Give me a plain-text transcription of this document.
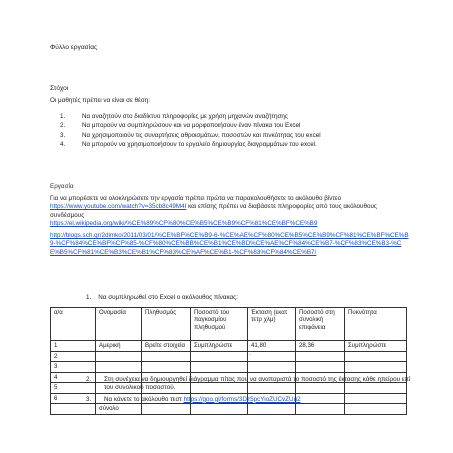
Φύλλο εργασίας
Στόχοι
Οι μαθητές πρέπει να είναι σε θέση:
1.	Να αναζητούν στο διαδίκτυο πληροφορίες με χρήση μηχανών αναζήτησης
2.	Να μπορούν να συμπληρώσουν και να μορφοποιήσουν έναν πίνακα του Excel
3.	Να χρησιμοποιούν τις συναρτήσεις αθροισμάτων, ποσοστών και πινκότητας του excel
4.	Να μπορούν να χρησιμοποιήσουν το εργαλείο δημιουργίας διαγραμμάτων του excel.
Εργασία
Για να μπορέσετε να ολοκληρώσετε την εργασία πρέπει πρώτα να παρακολουθήσετε το ακόλουθο βίντεο https://www.youtube.com/watch?v=35cb8c49M4I και επίσης πρέπει να διαβάσετε πληροφορίες από τους ακόλουθους συνδέσμους
https://el.wikipedia.org/wiki/%CE%89%CF%80%CE%B5%CE%B9%CF%81%CE%BF%CE%B9
http://blogs.sch.gr/2dimko/2011/03/01/%CE%BF%CE%B9-6-%CE%AE%CF%80%CE%B5%CE%B9%CF%81%CE%BF%CE%B9-%CF%84%CE%BF%CF%85-%CF%80%CE%BB%CE%B1%CE%BD%CE%AE%CF%84%CE%B7-%CF%83%CE%B3-%CE%B5%CF%81%CE%B3%CE%B1%CF%83%CE%AF%CE%B1-%CF%83%CF%84%CE%B7/
1. Να συμπληρωθεί στο Excel ο ακόλουθος πίνακας:
α/α	Ονομασία	Πληθυσμός	Ποσοστό του παγκοσμίου πληθυσμού	Έκταση (εκατ τετρ χλμ)	Ποσοστό στη συνολική επιφάνεια	Πυκνότητα
1	Αμερική	Βρείτε στοιχεία	Συμπληρώστε	41,80	28,36	Συμπληρώστε
2						
3						
4						
5						
6						
	σύνολο					
.
2. Στη συνέχεια να δημιουργηθεί διάγραμμα πίτας που να αναπαριστά το ποσοστό της έκτασης κάθε ηπείρου επί του συνολικού ποσοστού.
3. Να κάνετε το ακόλουθο τεστ https://goo.gl/forms/3Dz5pcYioZUCvZUu2
